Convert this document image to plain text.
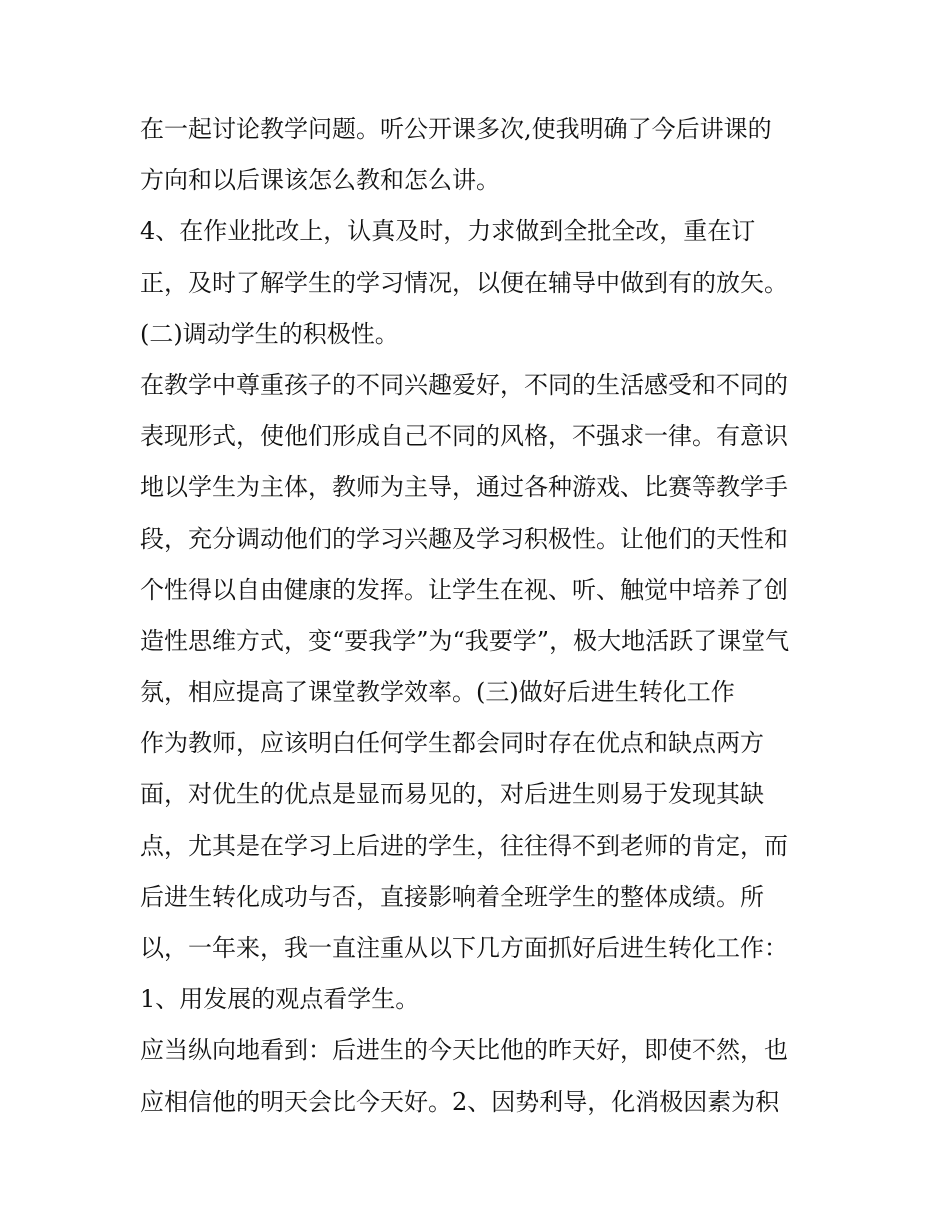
在一起讨论教学问题。听公开课多次,使我明确了今后讲课的
方向和以后课该怎么教和怎么讲。
4、在作业批改上，认真及时，力求做到全批全改，重在订
正，及时了解学生的学习情况，以便在辅导中做到有的放矢。
(二)调动学生的积极性。
在教学中尊重孩子的不同兴趣爱好，不同的生活感受和不同的
表现形式，使他们形成自己不同的风格，不强求一律。有意识
地以学生为主体，教师为主导，通过各种游戏、比赛等教学手
段，充分调动他们的学习兴趣及学习积极性。让他们的天性和
个性得以自由健康的发挥。让学生在视、听、触觉中培养了创
造性思维方式，变“要我学”为“我要学”，极大地活跃了课堂气
氛，相应提高了课堂教学效率。(三)做好后进生转化工作
作为教师，应该明白任何学生都会同时存在优点和缺点两方
面，对优生的优点是显而易见的，对后进生则易于发现其缺
点，尤其是在学习上后进的学生，往往得不到老师的肯定，而
后进生转化成功与否，直接影响着全班学生的整体成绩。所
以，一年来，我一直注重从以下几方面抓好后进生转化工作：
1、用发展的观点看学生。
应当纵向地看到：后进生的今天比他的昨天好，即使不然，也
应相信他的明天会比今天好。2、因势利导，化消极因素为积
